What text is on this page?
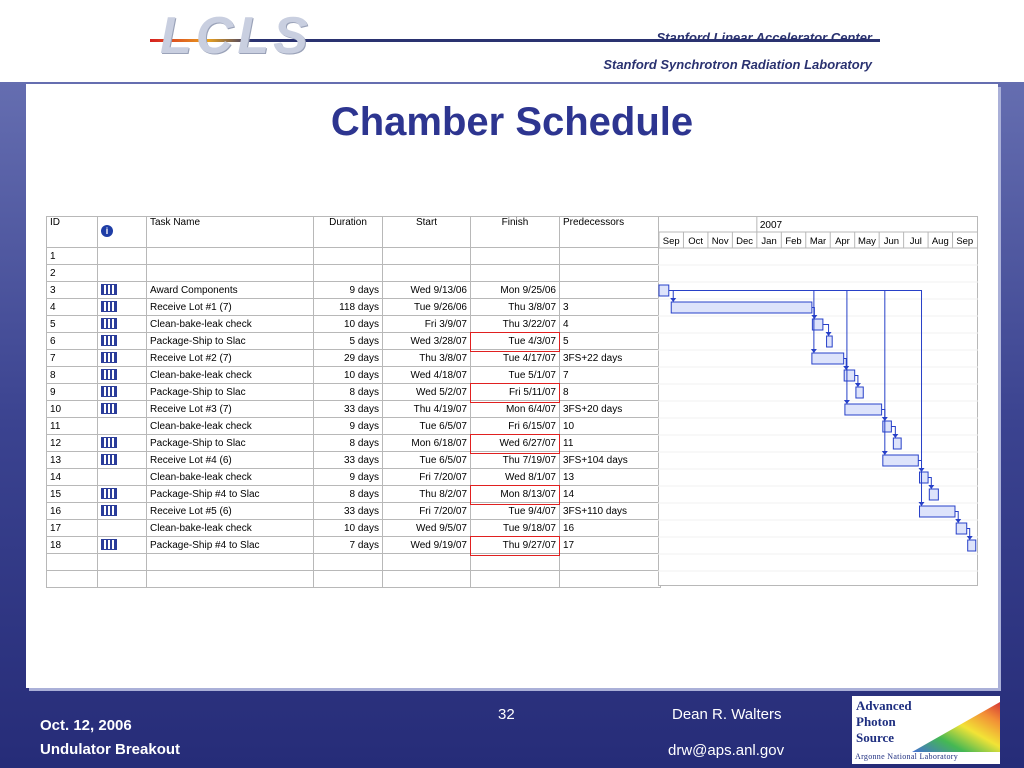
LCLS	Stanford Linear Accelerator Center
Stanford Synchrotron Radiation Laboratory
Chamber Schedule
ID	i	Task Name	Duration	Start	Finish	Predecessors
1						
2						
3		Award Components	9 days	Wed 9/13/06	Mon 9/25/06	
4		Receive Lot #1 (7)	118 days	Tue 9/26/06	Thu 3/8/07	3
5		Clean-bake-leak check	10 days	Fri 3/9/07	Thu 3/22/07	4
6		Package-Ship to Slac	5 days	Wed 3/28/07	Tue 4/3/07	5
7		Receive Lot #2 (7)	29 days	Thu 3/8/07	Tue 4/17/07	3FS+22 days
8		Clean-bake-leak check	10 days	Wed 4/18/07	Tue 5/1/07	7
9		Package-Ship to Slac	8 days	Wed 5/2/07	Fri 5/11/07	8
10		Receive Lot #3 (7)	33 days	Thu 4/19/07	Mon 6/4/07	3FS+20 days
11		Clean-bake-leak check	9 days	Tue 6/5/07	Fri 6/15/07	10
12		Package-Ship to Slac	8 days	Mon 6/18/07	Wed 6/27/07	11
13		Receive Lot #4 (6)	33 days	Tue 6/5/07	Thu 7/19/07	3FS+104 days
14		Clean-bake-leak check	9 days	Fri 7/20/07	Wed 8/1/07	13
15		Package-Ship #4 to Slac	8 days	Thu 8/2/07	Mon 8/13/07	14
16		Receive Lot #5 (6)	33 days	Fri 7/20/07	Tue 9/4/07	3FS+110 days
17		Clean-bake-leak check	10 days	Wed 9/5/07	Tue 9/18/07	16
18		Package-Ship #4 to Slac	7 days	Wed 9/19/07	Thu 9/27/07	17

2007
Sep Oct Nov Dec Jan Feb Mar Apr May Jun Jul Aug Sep
Oct. 12, 2006
Undulator Breakout
32	Dean R. Walters
drw@aps.anl.gov
Advanced
Photon
Source
Argonne National Laboratory
